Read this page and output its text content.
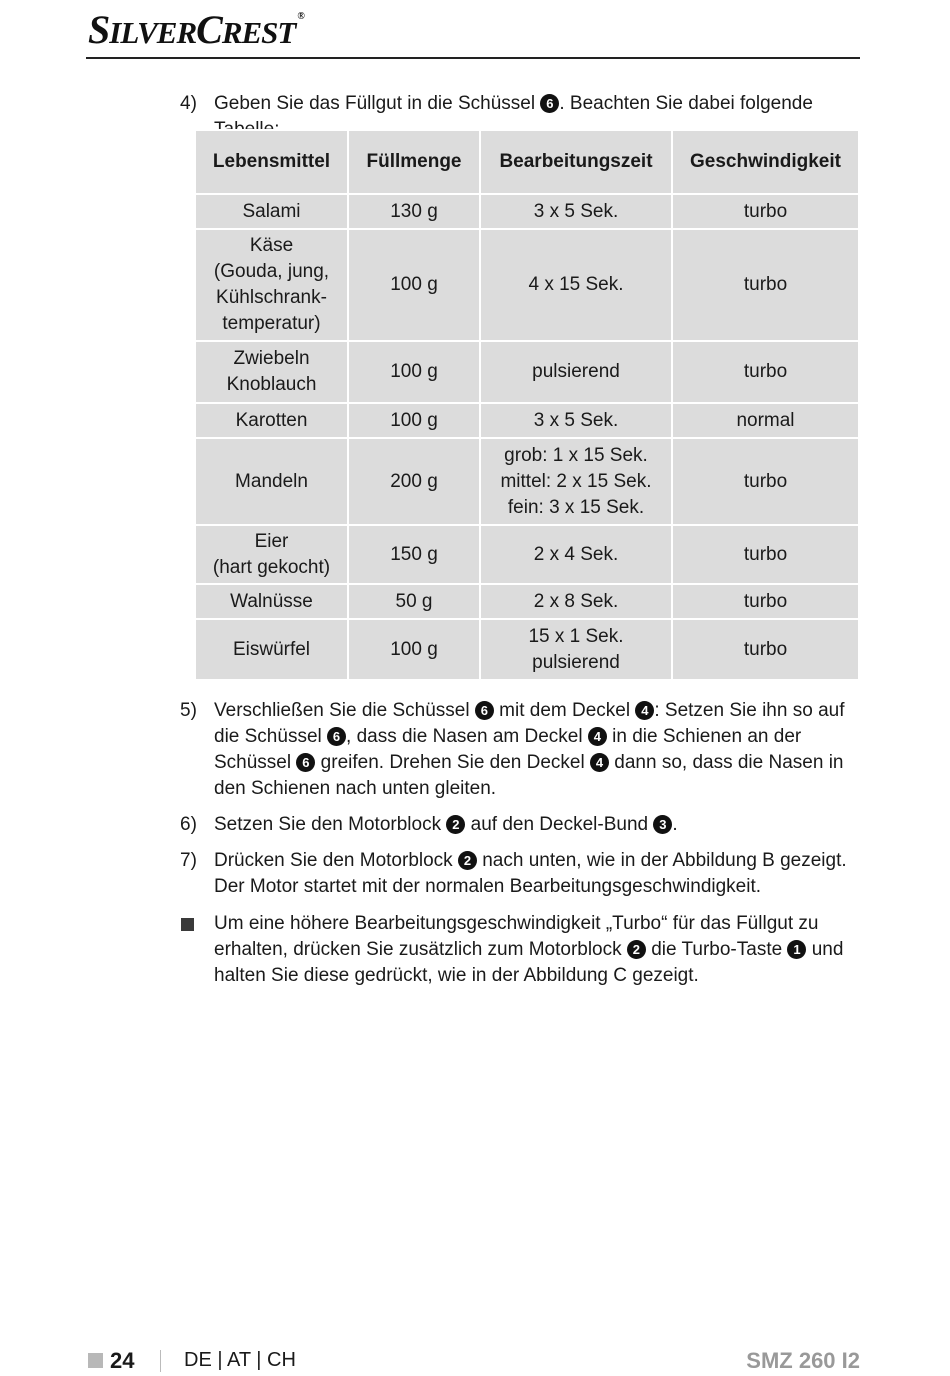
SILVERCREST ®
4) Geben Sie das Füllgut in die Schüssel 6 . Beachten Sie dabei folgende
Lebensmittel	Füllmenge	Bearbeitungszeit	Geschwindigkeit

Salami	130 g	3 x 5 Sek.	turbo

Käse
(Gouda, jung,
Kühlschrank-
temperatur)	100 g	4 x 15 Sek.	turbo

Zwiebeln
Knoblauch	100 g	pulsierend	turbo

Karotten	100 g	3 x 5 Sek.	normal

Mandeln	200 g	grob: 1 x 15 Sek.
mittel: 2 x 15 Sek.
fein: 3 x 15 Sek.	turbo

Eier
(hart gekocht)	150 g	2 x 4 Sek.	turbo

Walnüsse	50 g	2 x 8 Sek.	turbo

Eiswürfel	100 g	15 x 1 Sek.
pulsierend	turbo
5) Verschließen Sie die Schüssel 6 mit dem Deckel 4 : Setzen Sie ihn so auf die Schüssel 6 , dass die Nasen am Deckel 4 in die Schienen an der Schüssel 6 greifen. Drehen Sie den Deckel 4 dann so, dass die Nasen in den Schienen nach unten gleiten.
6) Setzen Sie den Motorblock 2 auf den Deckel-Bund 3 .
7) Drücken Sie den Motorblock 2 nach unten, wie in der Abbildung B gezeigt. Der Motor startet mit der normalen Bearbeitungsgeschwindigkeit.
Um eine höhere Bearbeitungsgeschwindigkeit „Turbo“ für das Füllgut zu erhalten, drücken Sie zusätzlich zum Motorblock 2 die Turbo-Taste 1 und halten Sie diese gedrückt, wie in der Abbildung C gezeigt.
24 DE | AT | CH	SMZ 260 I2
